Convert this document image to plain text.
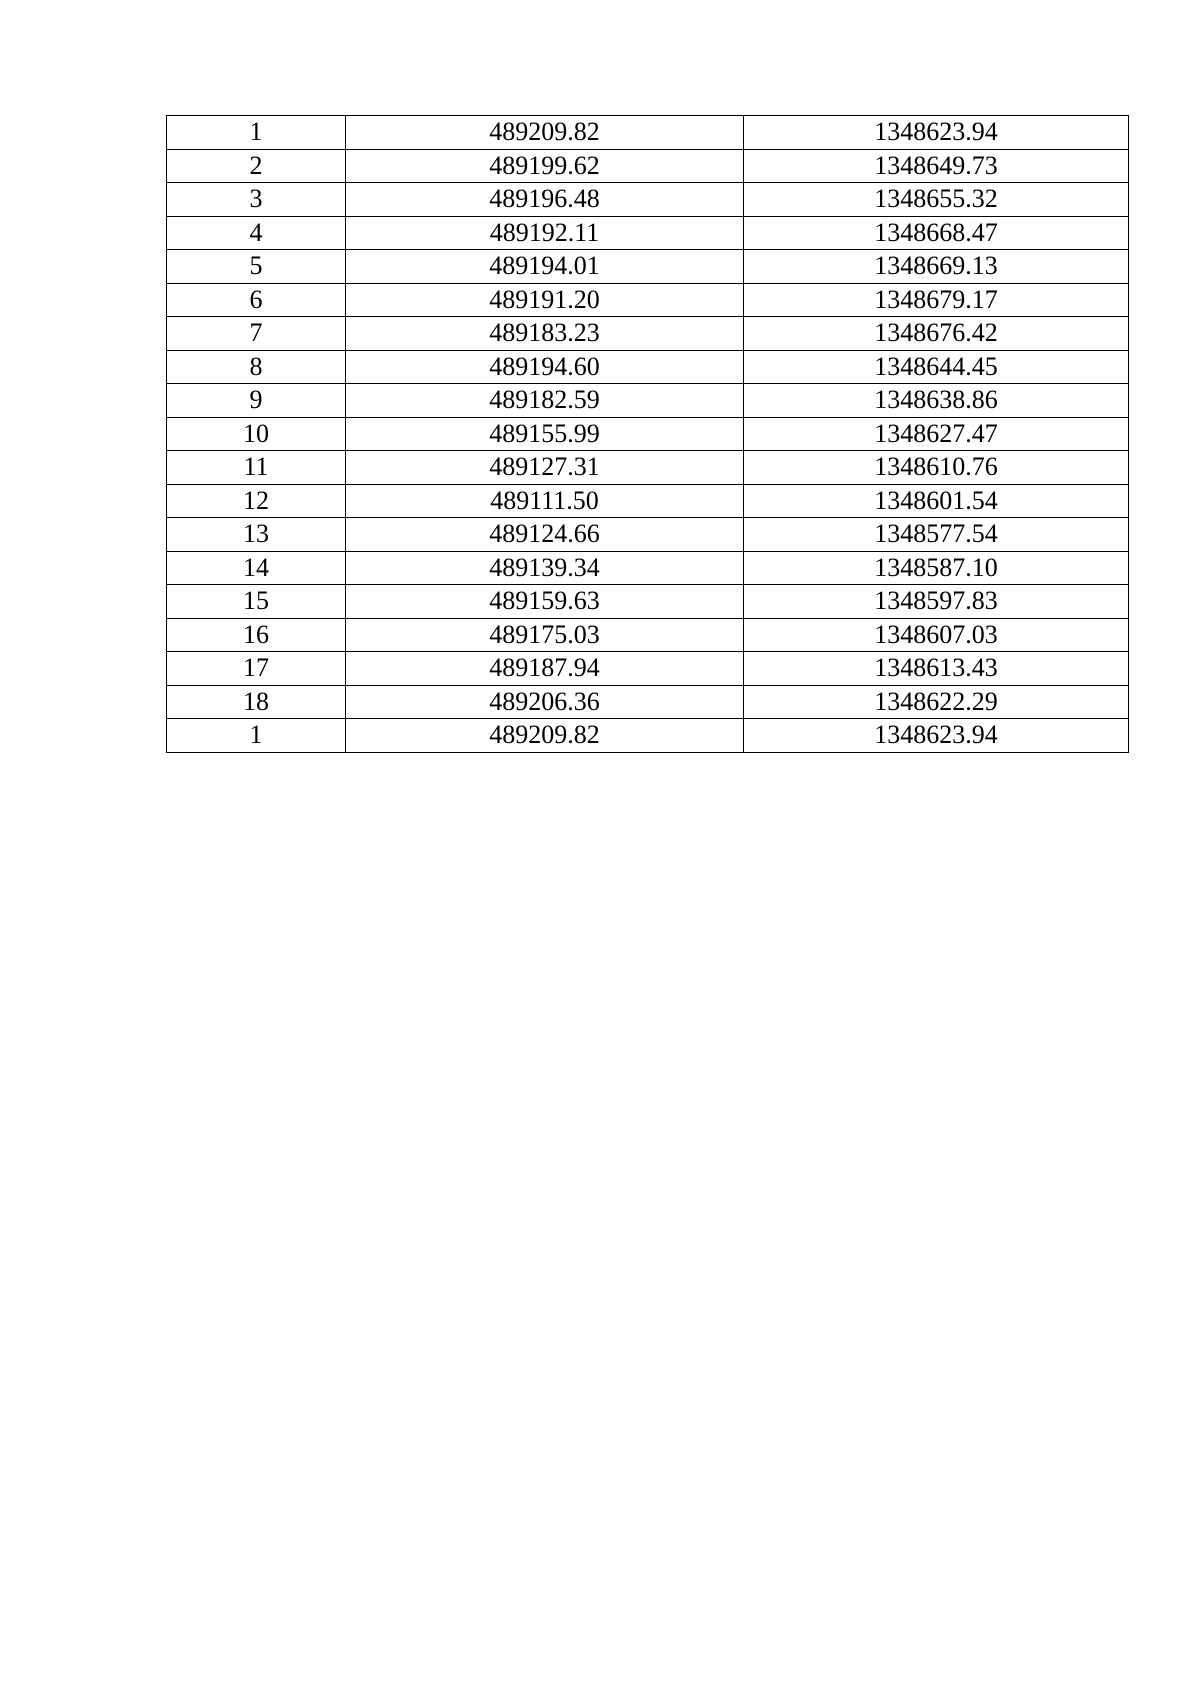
1	489209.82	1348623.94
2	489199.62	1348649.73
3	489196.48	1348655.32
4	489192.11	1348668.47
5	489194.01	1348669.13
6	489191.20	1348679.17
7	489183.23	1348676.42
8	489194.60	1348644.45
9	489182.59	1348638.86
10	489155.99	1348627.47
11	489127.31	1348610.76
12	489111.50	1348601.54
13	489124.66	1348577.54
14	489139.34	1348587.10
15	489159.63	1348597.83
16	489175.03	1348607.03
17	489187.94	1348613.43
18	489206.36	1348622.29
1	489209.82	1348623.94
